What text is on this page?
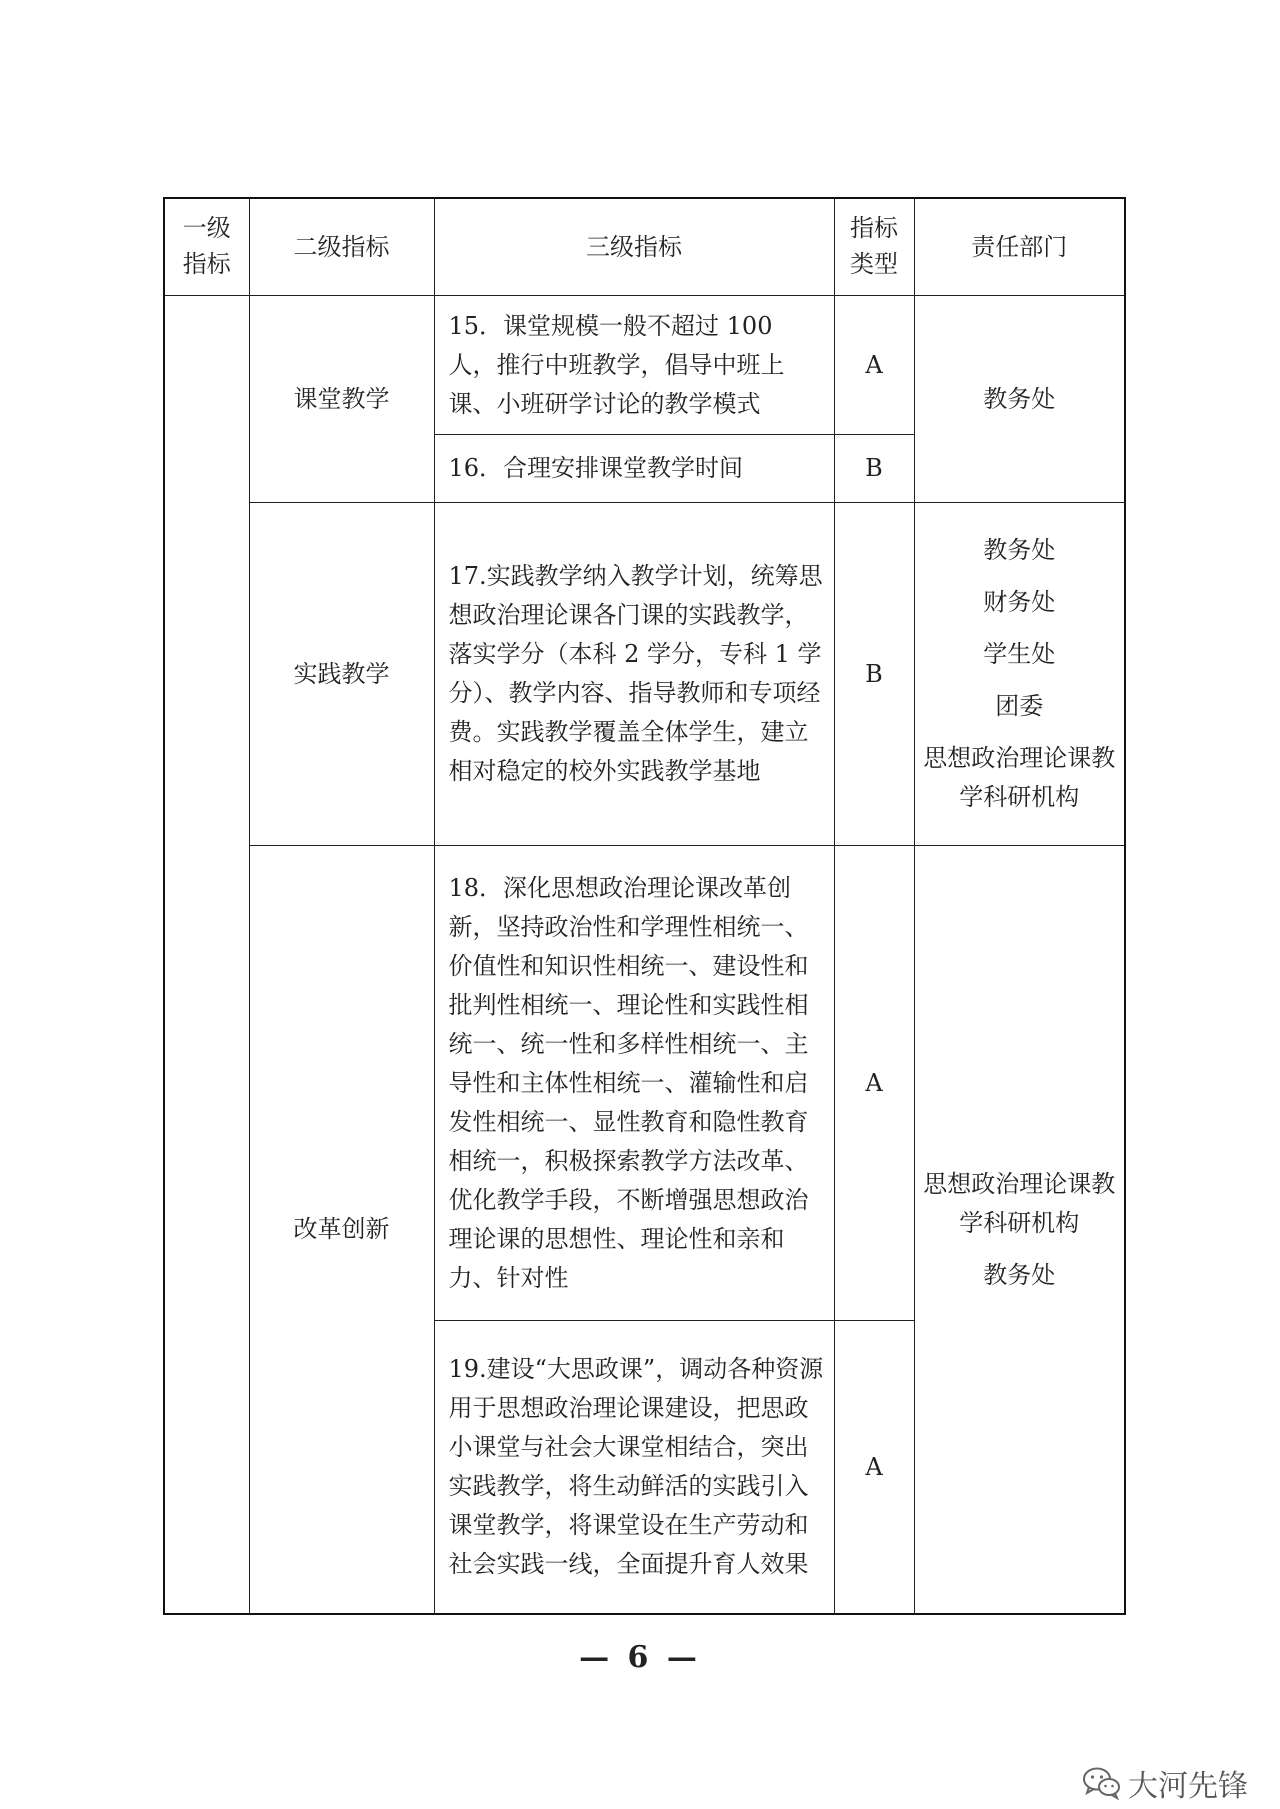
一级指标	二级指标	三级指标	指标类型	责任部门
	课堂教学	15．课堂规模一般不超过 100 人，推行中班教学，倡导中班上课、小班研学讨论的教学模式	A	教务处

		16．合理安排课堂教学时间	B	
	实践教学	17.实践教学纳入教学计划，统筹思想政治理论课各门课的实践教学，落实学分（本科 2 学分，专科 1 学分）、教学内容、指导教师和专项经费。实践教学覆盖全体学生，建立相对稳定的校外实践教学基地	B	教务处
财务处
学生处
团委
思想政治理论课教学科研机构

	改革创新	18．深化思想政治理论课改革创新，坚持政治性和学理性相统一、价值性和知识性相统一、建设性和批判性相统一、理论性和实践性相统一、统一性和多样性相统一、主导性和主体性相统一、灌输性和启发性相统一、显性教育和隐性教育相统一，积极探索教学方法改革、优化教学手段，不断增强思想政治理论课的思想性、理论性和亲和力、针对性	A	思想政治理论课教学科研机构
教务处

		19.建设“大思政课”，调动各种资源用于思想政治理论课建设，把思政小课堂与社会大课堂相结合，突出实践教学，将生动鲜活的实践引入课堂教学，将课堂设在生产劳动和社会实践一线，全面提升育人效果	A	
— 6 —
大河先锋
